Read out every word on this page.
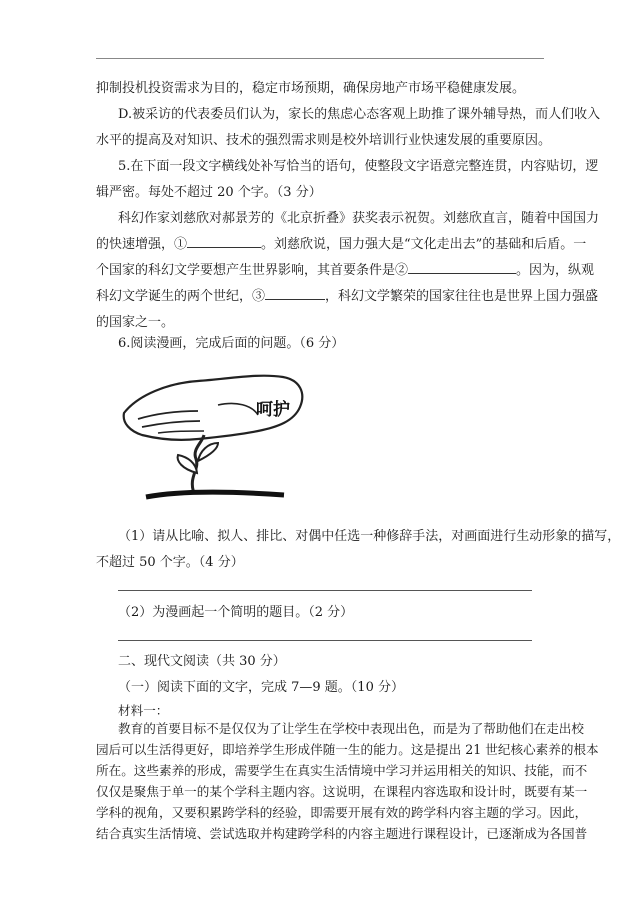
抑制投机投资需求为目的，稳定市场预期，确保房地产市场平稳健康发展。
D.被采访的代表委员们认为，家长的焦虑心态客观上助推了课外辅导热，而人们收入
水平的提高及对知识、技术的强烈需求则是校外培训行业快速发展的重要原因。
5.在下面一段文字横线处补写恰当的语句，使整段文字语意完整连贯，内容贴切，逻
辑严密。每处不超过 20 个字。（3 分）
科幻作家刘慈欣对郝景芳的《北京折叠》获奖表示祝贺。刘慈欣直言，随着中国国力
的快速增强，①	。刘慈欣说，国力强大是“文化走出去”的基础和后盾。一
个国家的科幻文学要想产生世界影响，其首要条件是②	。因为，纵观
科幻文学诞生的两个世纪，③	，科幻文学繁荣的国家往往也是世界上国力强盛
的国家之一。
6.阅读漫画，完成后面的问题。（6 分）
呵护
（1）请从比喻、拟人、排比、对偶中任选一种修辞手法，对画面进行生动形象的描写，
不超过 50 个字。（4 分）
（2）为漫画起一个简明的题目。（2 分）
二、现代文阅读（共 30 分）
（一）阅读下面的文字，完成 7—9 题。（10 分）
材料一：
教育的首要目标不是仅仅为了让学生在学校中表现出色，而是为了帮助他们在走出校
园后可以生活得更好，即培养学生形成伴随一生的能力。这是提出 21 世纪核心素养的根本
所在。这些素养的形成，需要学生在真实生活情境中学习并运用相关的知识、技能，而不
仅仅是聚焦于单一的某个学科主题内容。这说明，在课程内容选取和设计时，既要有某一
学科的视角，又要积累跨学科的经验，即需要开展有效的跨学科内容主题的学习。因此，
结合真实生活情境、尝试选取并构建跨学科的内容主题进行课程设计，已逐渐成为各国普
